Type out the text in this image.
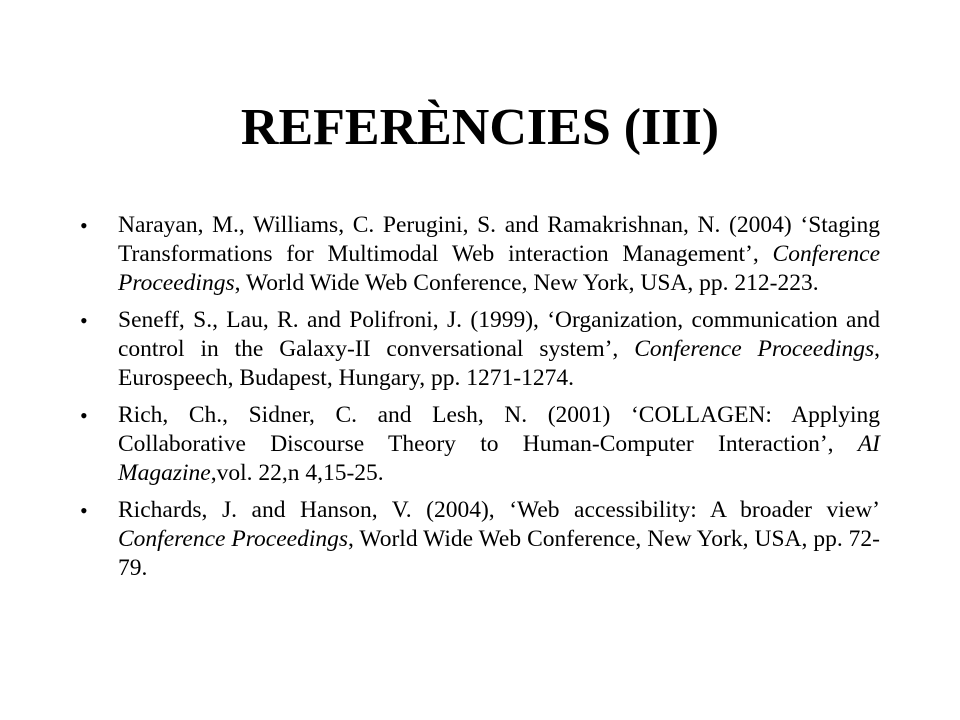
REFERÈNCIES (III)
• Narayan, M., Williams, C. Perugini, S. and Ramakrishnan, N. (2004) ‘Staging Transformations for Multimodal Web interaction Management’, Conference Proceedings, World Wide Web Conference, New York, USA, pp. 212-223.
• Seneff, S., Lau, R. and Polifroni, J. (1999), ‘Organization, communication and control in the Galaxy-II conversational system’, Conference Proceedings, Eurospeech, Budapest, Hungary, pp. 1271-1274.
• Rich, Ch., Sidner, C. and Lesh, N. (2001) ‘COLLAGEN: Applying Collaborative Discourse Theory to Human-Computer Interaction’, AI Magazine,vol. 22,n 4,15-25.
• Richards, J. and Hanson, V. (2004), ‘Web accessibility: A broader view’ Conference Proceedings, World Wide Web Conference, New York, USA, pp. 72-79.
